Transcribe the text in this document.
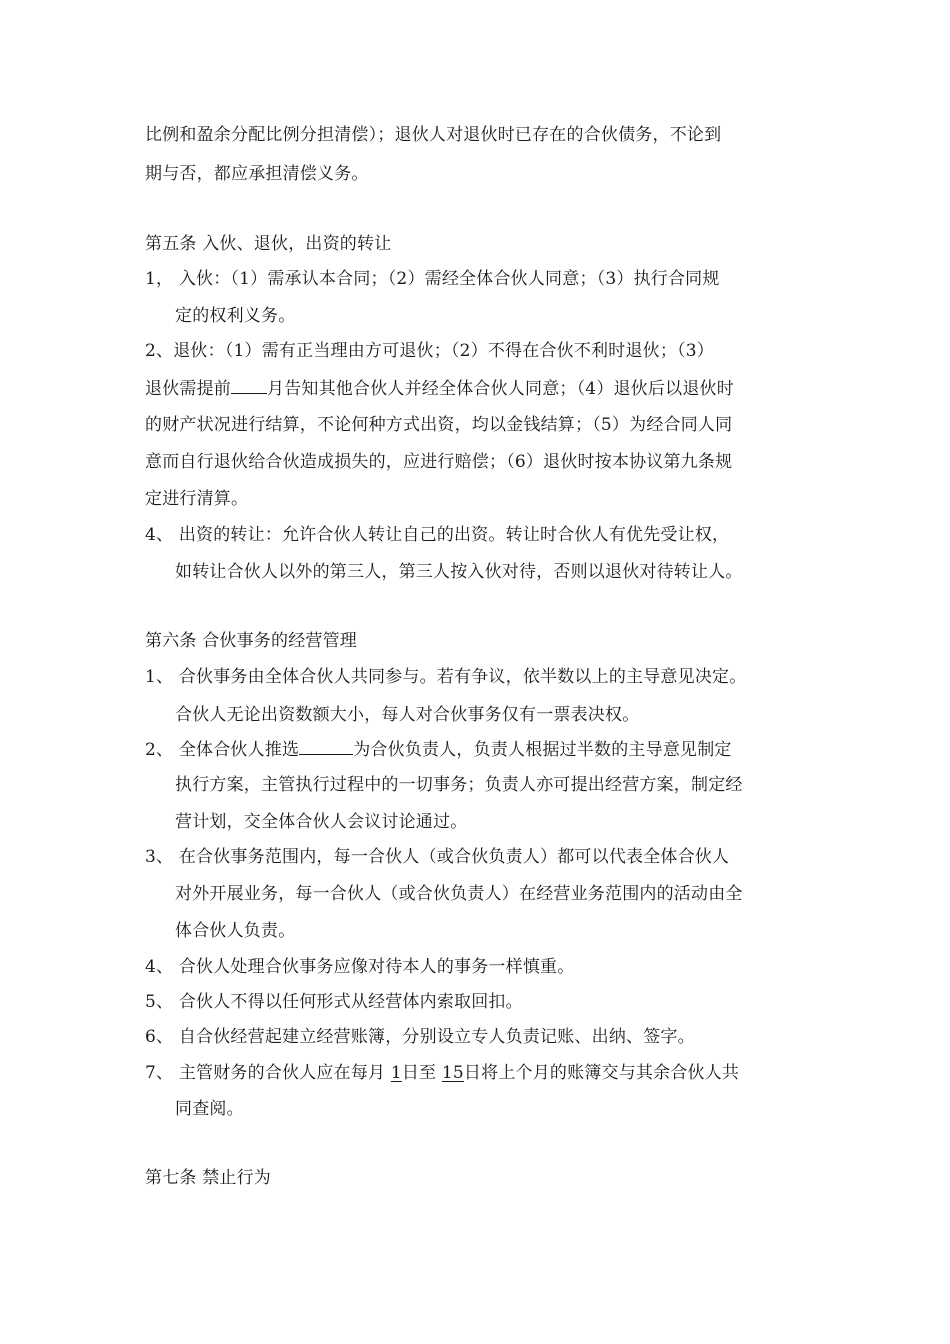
比例和盈余分配比例分担清偿）；退伙人对退伙时已存在的合伙债务，不论到
期与否，都应承担清偿义务。
第五条 入伙、退伙，出资的转让
1， 入伙：（1）需承认本合同；（2）需经全体合伙人同意；（3）执行合同规
定的权利义务。
2、退伙：（1）需有正当理由方可退伙；（2）不得在合伙不利时退伙；（3）
退伙需提前 月告知其他合伙人并经全体合伙人同意；（4）退伙后以退伙时
的财产状况进行结算，不论何种方式出资，均以金钱结算；（5）为经合同人同
意而自行退伙给合伙造成损失的，应进行赔偿；（6）退伙时按本协议第九条规
定进行清算。
4、 出资的转让：允许合伙人转让自己的出资。转让时合伙人有优先受让权，
如转让合伙人以外的第三人，第三人按入伙对待，否则以退伙对待转让人。
第六条 合伙事务的经营管理
1、 合伙事务由全体合伙人共同参与。若有争议，依半数以上的主导意见决定。
合伙人无论出资数额大小，每人对合伙事务仅有一票表决权。
2、 全体合伙人推选	为合伙负责人，负责人根据过半数的主导意见制定
执行方案，主管执行过程中的一切事务；负责人亦可提出经营方案，制定经
营计划，交全体合伙人会议讨论通过。
3、 在合伙事务范围内，每一合伙人（或合伙负责人）都可以代表全体合伙人
对外开展业务，每一合伙人（或合伙负责人）在经营业务范围内的活动由全
体合伙人负责。
4、 合伙人处理合伙事务应像对待本人的事务一样慎重。
5、 合伙人不得以任何形式从经营体内索取回扣。
6、 自合伙经营起建立经营账簿，分别设立专人负责记账、出纳、签字。
7、 主管财务的合伙人应在每月 1日至 15日将上个月的账簿交与其余合伙人共
同查阅。
第七条 禁止行为
